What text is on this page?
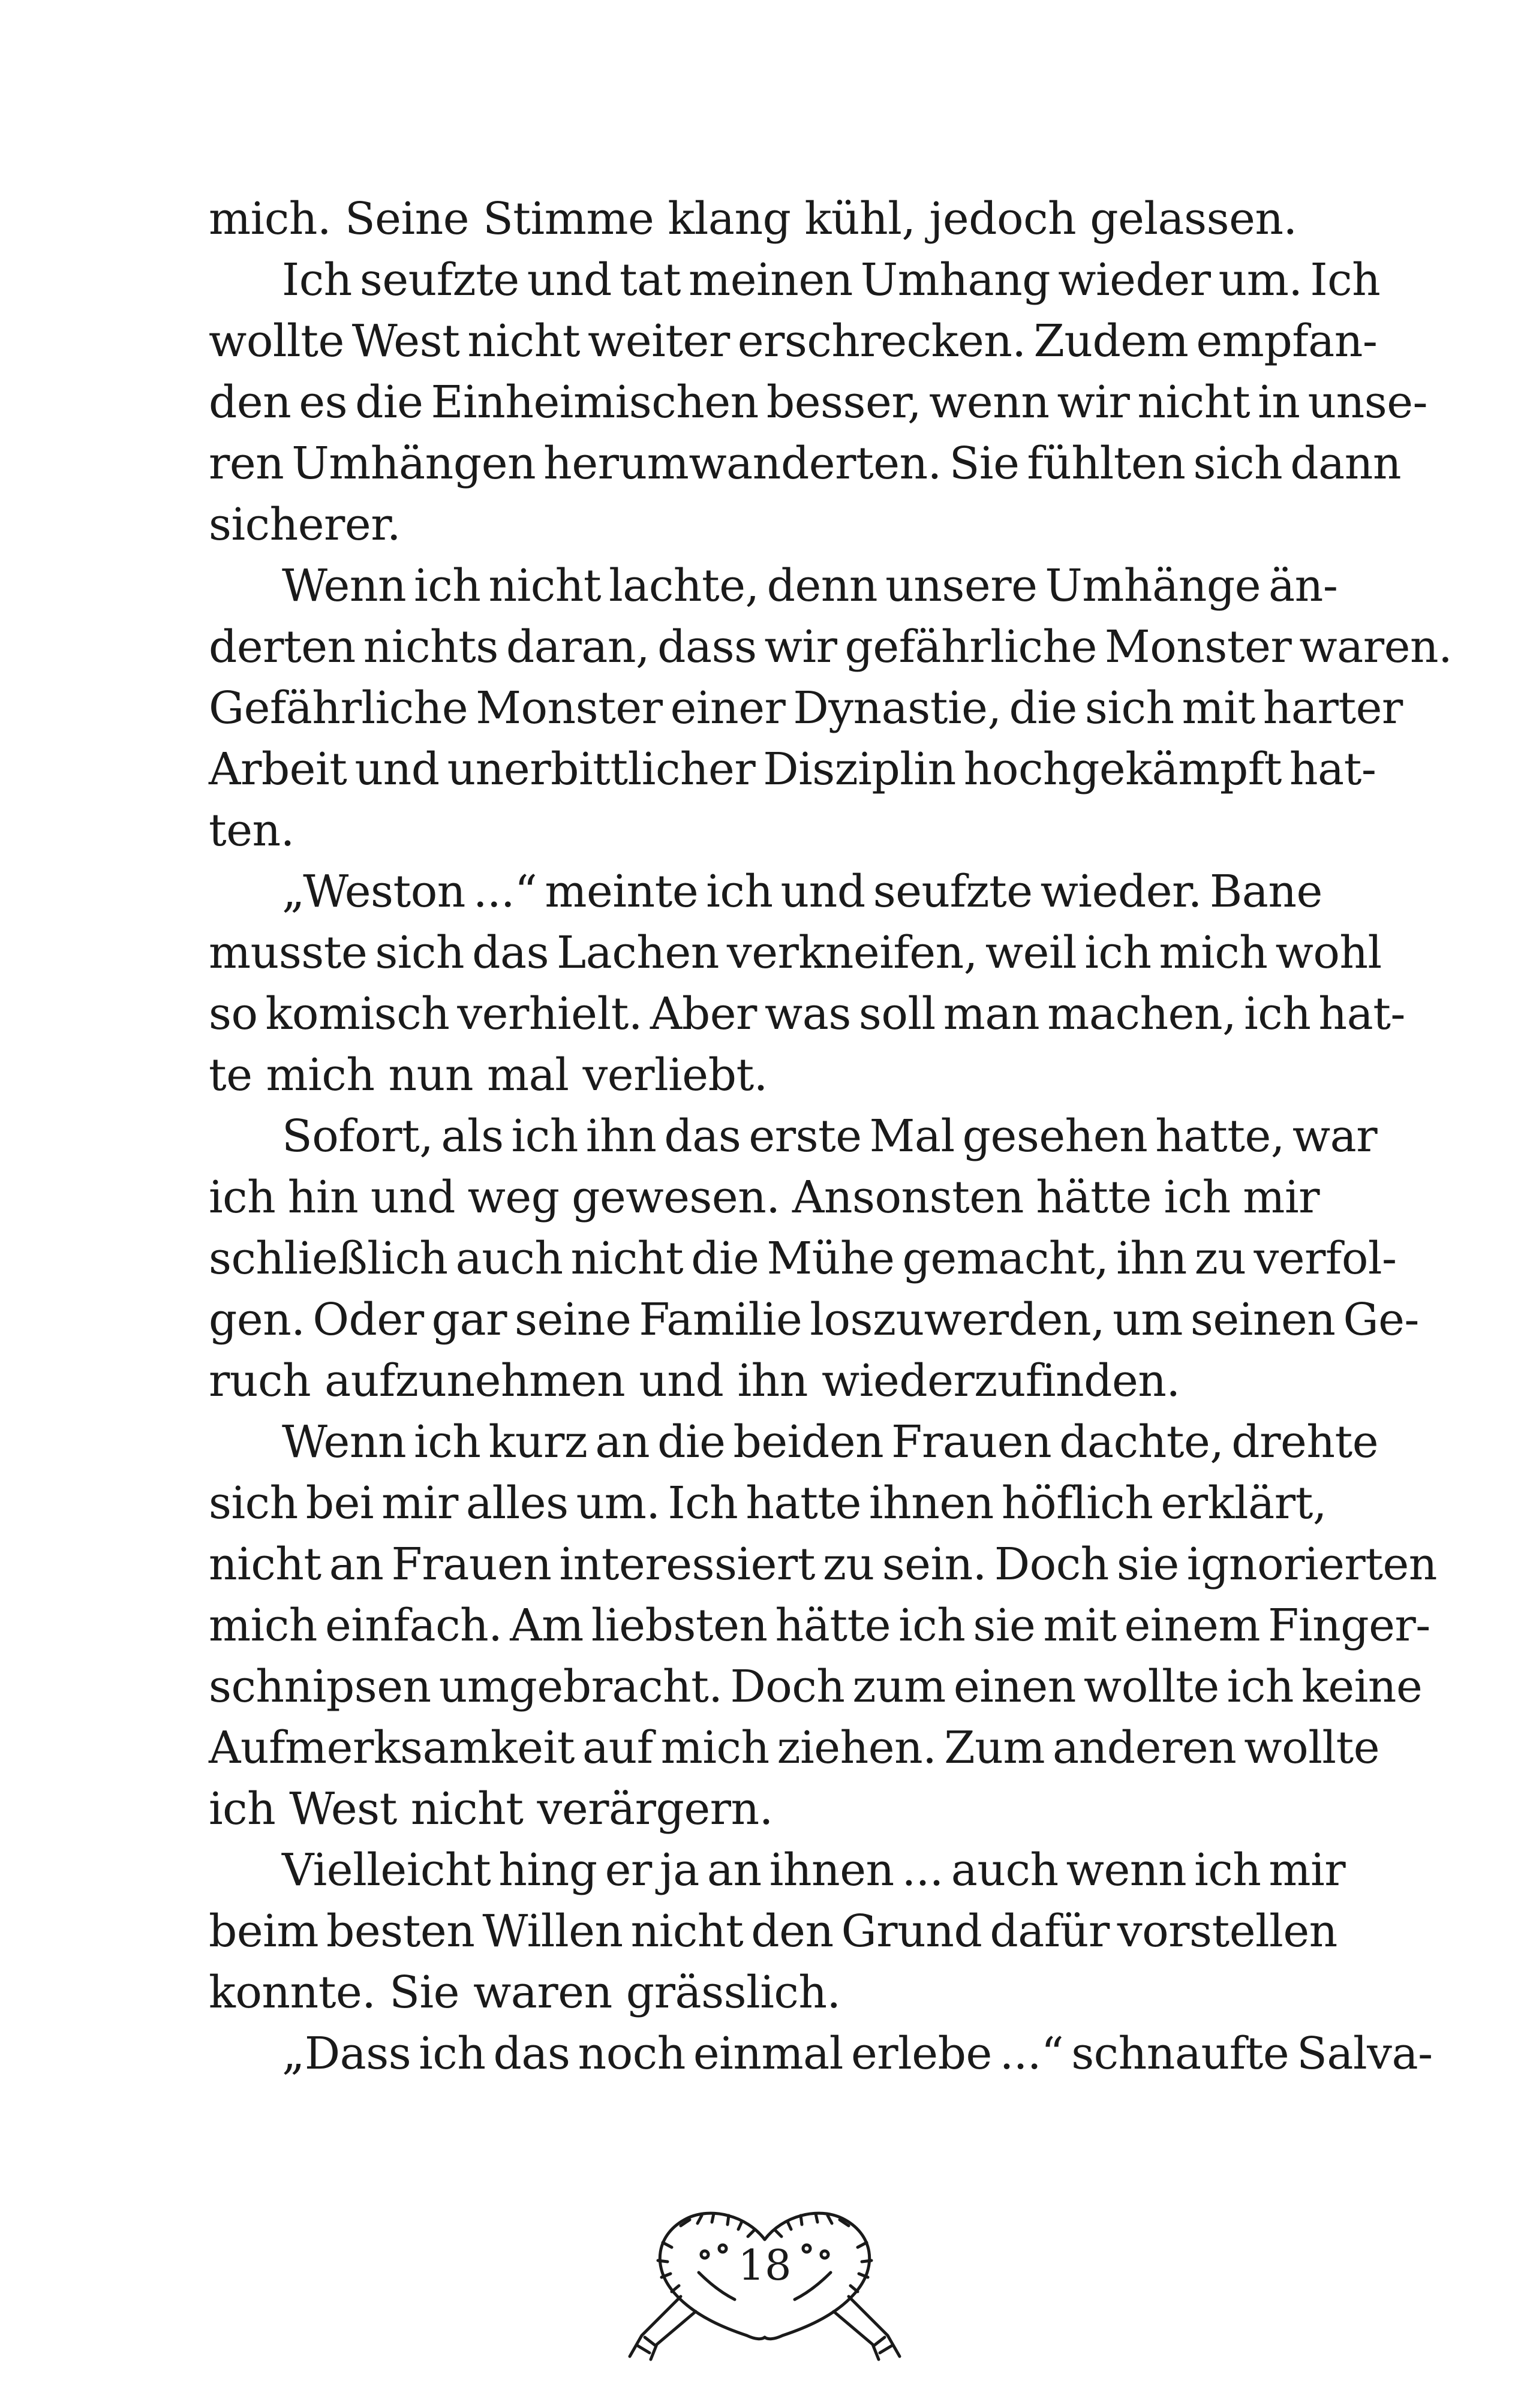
mich. Seine Stimme klang kühl, jedoch gelassen.
Ich seufzte und tat meinen Umhang wieder um. Ich
wollte West nicht weiter erschrecken. Zudem empfan-
den es die Einheimischen besser, wenn wir nicht in unse-
ren Umhängen herumwanderten. Sie fühlten sich dann
sicherer.
Wenn ich nicht lachte, denn unsere Umhänge än-
derten nichts daran, dass wir gefährliche Monster waren.
Gefährliche Monster einer Dynastie, die sich mit harter
Arbeit und unerbittlicher Disziplin hochgekämpft hat-
ten.
„Weston ...“ meinte ich und seufzte wieder. Bane
musste sich das Lachen verkneifen, weil ich mich wohl
so komisch verhielt. Aber was soll man machen, ich hat-
te mich nun mal verliebt.
Sofort, als ich ihn das erste Mal gesehen hatte, war
ich hin und weg gewesen. Ansonsten hätte ich mir
schließlich auch nicht die Mühe gemacht, ihn zu verfol-
gen. Oder gar seine Familie loszuwerden, um seinen Ge-
ruch aufzunehmen und ihn wiederzufinden.
Wenn ich kurz an die beiden Frauen dachte, drehte
sich bei mir alles um. Ich hatte ihnen höflich erklärt,
nicht an Frauen interessiert zu sein. Doch sie ignorierten
mich einfach. Am liebsten hätte ich sie mit einem Finger-
schnipsen umgebracht. Doch zum einen wollte ich keine
Aufmerksamkeit auf mich ziehen. Zum anderen wollte
ich West nicht verärgern.
Vielleicht hing er ja an ihnen ... auch wenn ich mir
beim besten Willen nicht den Grund dafür vorstellen
konnte. Sie waren grässlich.
„Dass ich das noch einmal erlebe ...“ schnaufte Salva-
18
